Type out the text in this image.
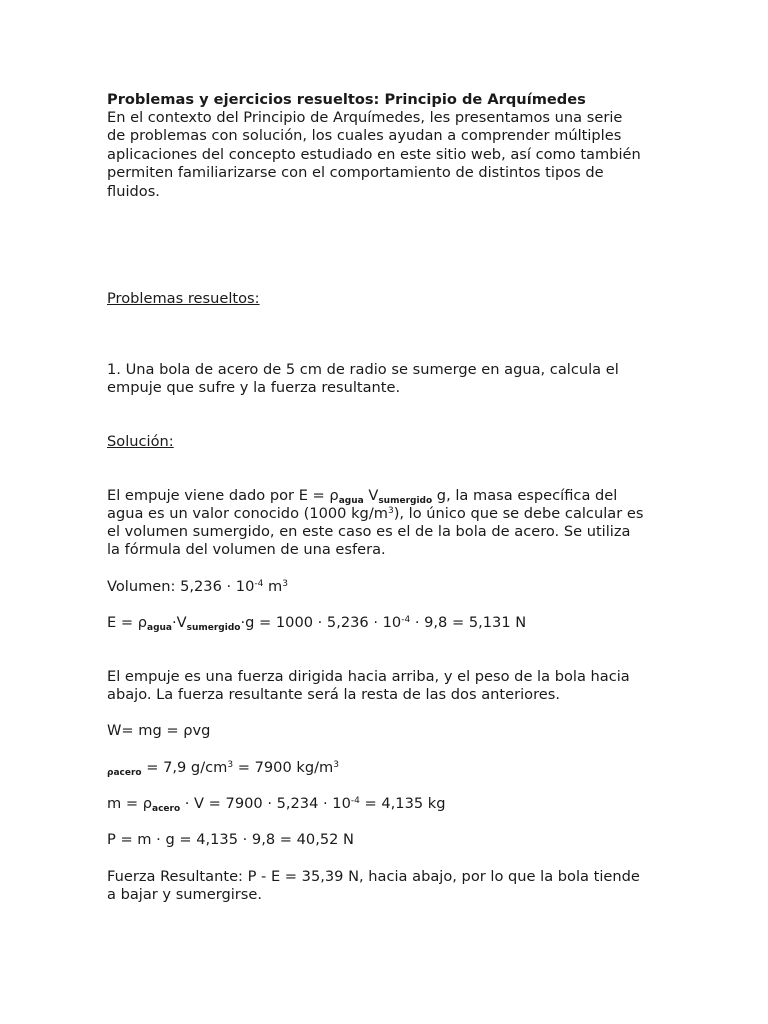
Problemas y ejercicios resueltos: Principio de Arquímedes
En el contexto del Principio de Arquímedes, les presentamos una serie
de problemas con solución, los cuales ayudan a comprender múltiples
aplicaciones del concepto estudiado en este sitio web, así como también
permiten familiarizarse con el comportamiento de distintos tipos de
fluidos.
Problemas resueltos:
1. Una bola de acero de 5 cm de radio se sumerge en agua, calcula el
empuje que sufre y la fuerza resultante.
Solución:
El empuje viene dado por $E = \rho_{agua}$ $V_{sumergido}$ g, la masa específica del
agua es un valor conocido (1000 $kg/m^3$), lo único que se debe calcular es
el volumen sumergido, en este caso es el de la bola de acero. Se utiliza
la fórmula del volumen de una esfera.
Volumen: $5,236 \cdot 10^{-4}$ $m^3$
$E = \rho_{agua}\cdot V_{sumergido}\cdot g = 1000 \cdot 5,236 \cdot 10^{-4} \cdot 9,8 = 5,131$ N
El empuje es una fuerza dirigida hacia arriba, y el peso de la bola hacia
abajo. La fuerza resultante será la resta de las dos anteriores.
W= mg = ρvg
$_{\rho acero}$ = 7,9 $g/cm^3 = 7900$ $kg/m^3$
$m = \rho_{acero} \cdot V = 7900 \cdot 5,234 \cdot 10^{-4} = 4,135$ kg
P = m · g = 4,135 · 9,8 = 40,52 N
Fuerza Resultante: P - E = 35,39 N, hacia abajo, por lo que la bola tiende
a bajar y sumergirse.
